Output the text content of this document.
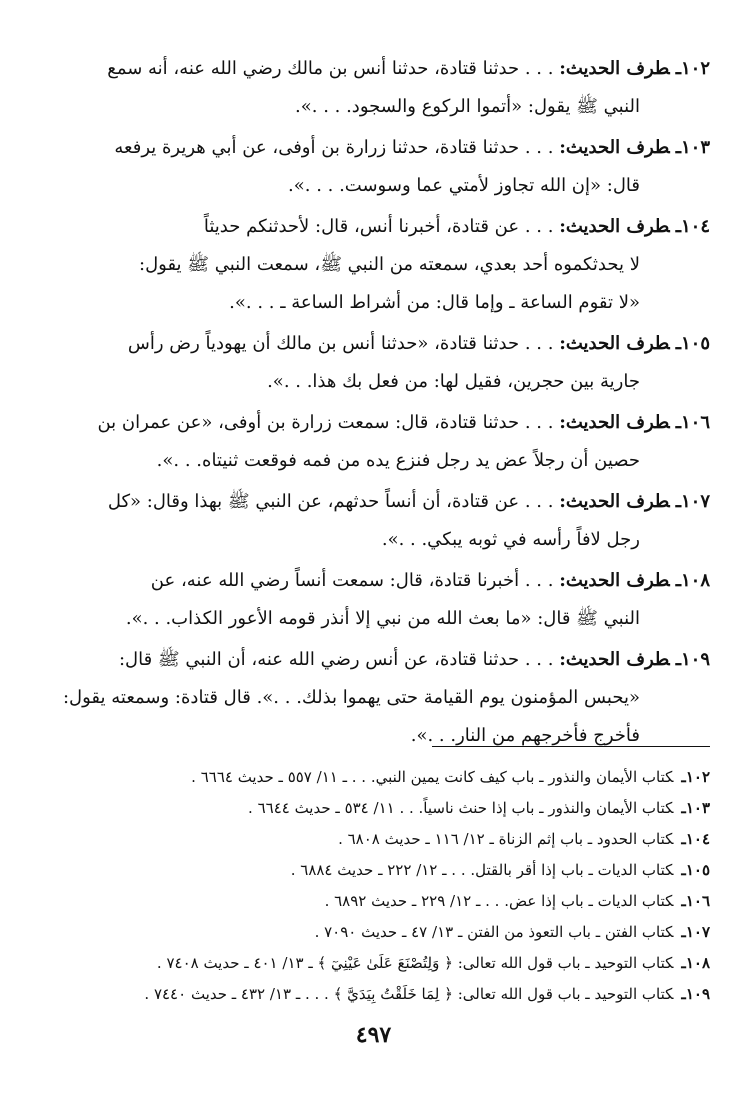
١٠٢ـطرف الحديث: . . . حدثنا قتادة، حدثنا أنس بن مالك رضي الله عنه، أنه سمع
النبي ﷺ يقول: «أتموا الركوع والسجود. . . .».
١٠٣ـطرف الحديث: . . . حدثنا قتادة، حدثنا زرارة بن أوفى، عن أبي هريرة يرفعه
قال: «إن الله تجاوز لأمتي عما وسوست. . . .».
١٠٤ـطرف الحديث: . . . عن قتادة، أخبرنا أنس، قال: لأحدثنكم حديثاً
لا يحدثكموه أحد بعدي، سمعته من النبي ﷺ، سمعت النبي ﷺ يقول:
«لا تقوم الساعة ـ وإما قال: من أشراط الساعة ـ . . .».
١٠٥ـطرف الحديث: . . . حدثنا قتادة، «حدثنا أنس بن مالك أن يهودياً رض رأس
جارية بين حجرين، فقيل لها: من فعل بك هذا. . .».
١٠٦ـطرف الحديث: . . . حدثنا قتادة، قال: سمعت زرارة بن أوفى، «عن عمران بن
حصين أن رجلاً عض يد رجل فنزع يده من فمه فوقعت ثنيتاه. . .».
١٠٧ـطرف الحديث: . . . عن قتادة، أن أنساً حدثهم، عن النبي ﷺ بهذا وقال: «كل
رجل لافاً رأسه في ثوبه يبكي. . .».
١٠٨ـطرف الحديث: . . . أخبرنا قتادة، قال: سمعت أنساً رضي الله عنه، عن
النبي ﷺ قال: «ما بعث الله من نبي إلا أنذر قومه الأعور الكذاب. . .».
١٠٩ـطرف الحديث: . . . حدثنا قتادة، عن أنس رضي الله عنه، أن النبي ﷺ قال:
«يحبس المؤمنون يوم القيامة حتى يهموا بذلك. . .». قال قتادة: وسمعته يقول:
فأخرج فأخرجهم من النار. . .».
١٠٢ـكتاب الأيمان والنذور ـ باب كيف كانت يمين النبي. . . ـ ١١/ ٥٥٧ ـ حديث ٦٦٦٤ .
١٠٣ـكتاب الأيمان والنذور ـ باب إذا حنث ناسياً. . . ١١/ ٥٣٤ ـ حديث ٦٦٤٤ .
١٠٤ـكتاب الحدود ـ باب إثم الزناة ـ ١٢/ ١١٦ ـ حديث ٦٨٠٨ .
١٠٥ـكتاب الديات ـ باب إذا أقر بالقتل. . . ـ ١٢/ ٢٢٢ ـ حديث ٦٨٨٤ .
١٠٦ـكتاب الديات ـ باب إذا عض. . . ـ ١٢/ ٢٢٩ ـ حديث ٦٨٩٢ .
١٠٧ـكتاب الفتن ـ باب التعوذ من الفتن ـ ١٣/ ٤٧ ـ حديث ٧٠٩٠ .
١٠٨ـكتاب التوحيد ـ باب قول الله تعالى: ﴿ وَلِتُصْنَعَ عَلَىٰ عَيْنِيٓ ﴾ ـ ١٣/ ٤٠١ ـ حديث ٧٤٠٨ .
١٠٩ـكتاب التوحيد ـ باب قول الله تعالى: ﴿ لِمَا خَلَقْتُ بِيَدَيَّ ﴾ . . . ـ ١٣/ ٤٣٢ ـ حديث ٧٤٤٠ .
٤٩٧
